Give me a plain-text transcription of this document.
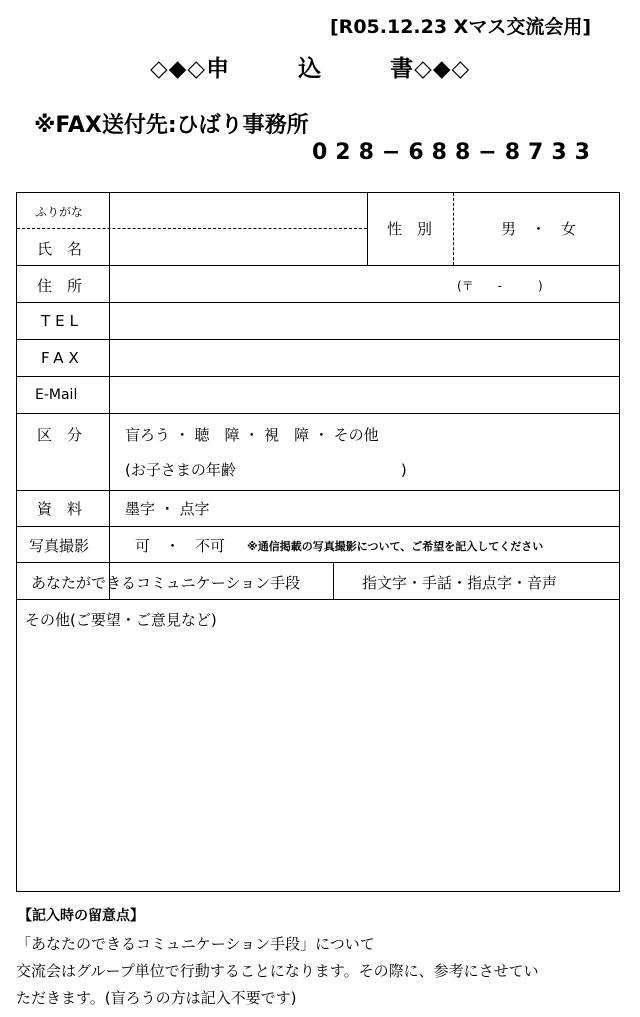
[R05.12.23 Xマス交流会用]
◇◆◇申	込	書◇◆◇
※FAX送付先:ひばり事務所
028−688−8733
ふりがな
氏　名
性　別	男　・　女
住　所	(〒　　-　　　)
TEL
FAX
E-Mail
区　分	盲ろう ・ 聴　障 ・ 視　障 ・ その他
(お子さまの年齢　　　　　　　　　　　)
資　料	墨字 ・ 点字
写真撮影	可　・　不可 ※通信掲載の写真撮影について、ご希望を記入してください
あなたができるコミュニケーション手段	指文字・手話・指点字・音声
その他(ご要望・ご意見など)
【記入時の留意点】
「あなたのできるコミュニケーション手段」について
交流会はグループ単位で行動することになります。その際に、参考にさせてい
ただきます。(盲ろうの方は記入不要です)
